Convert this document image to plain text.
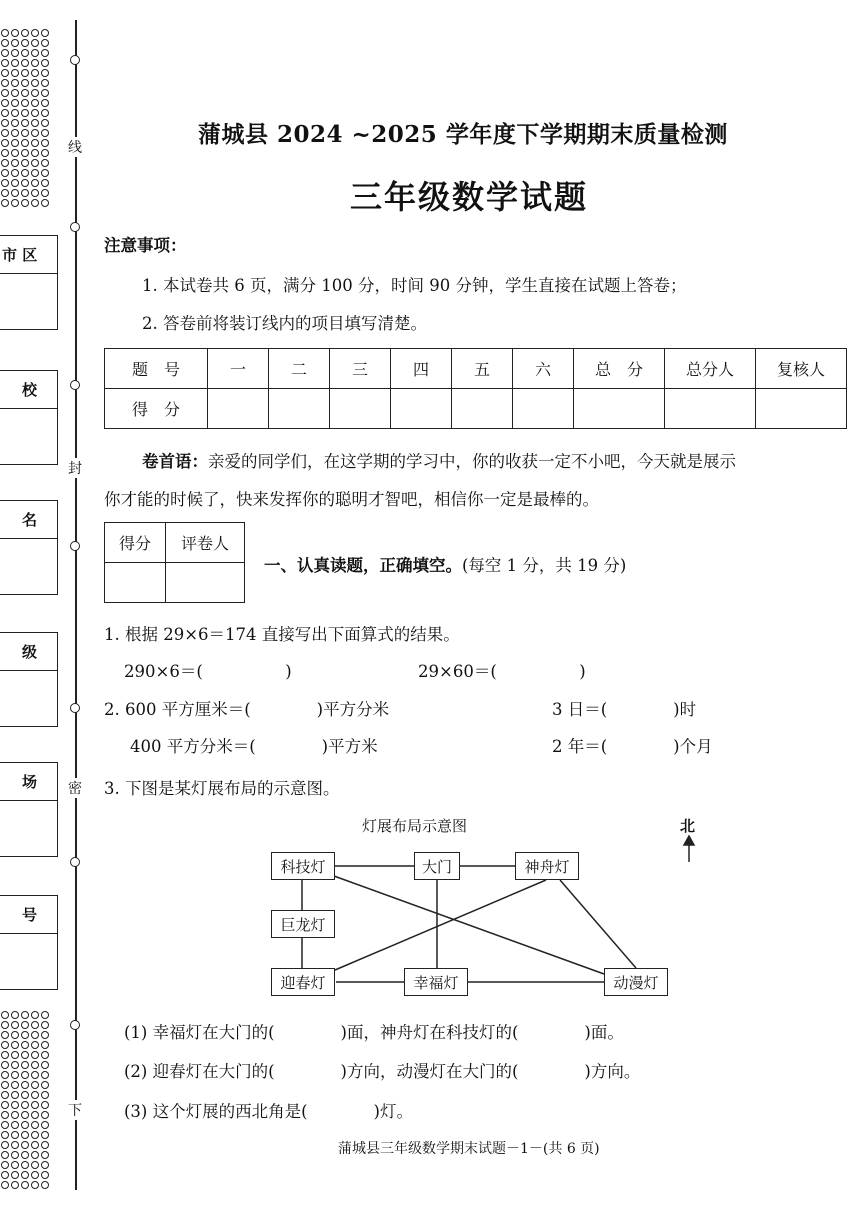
市 区
校
名
级
场
号
线
封
密
下
蒲城县 2024 ~2025 学年度下学期期末质量检测
三年级数学试题
注意事项：
1. 本试卷共 6 页，满分 100 分，时间 90 分钟，学生直接在试题上答卷；
2. 答卷前将装订线内的项目填写清楚。
题　号	一	二	三	四	五	六	总　分	总分人	复核人
得　分									
卷首语：亲爱的同学们，在这学期的学习中，你的收获一定不小吧，今天就是展示
你才能的时候了，快来发挥你的聪明才智吧，相信你一定是最棒的。
得分	评卷人

一、认真读题，正确填空。(每空 1 分，共 19 分)
1. 根据 29×6＝174 直接写出下面算式的结果。
290×6＝(　　　　　)	29×60＝(　　　　　)
2. 600 平方厘米＝(　　　　)平方分米	3 日＝(　　　　)时
400 平方分米＝(　　　　)平方米	2 年＝(　　　　)个月
3. 下图是某灯展布局的示意图。
灯展布局示意图	北
科技灯	大门	神舟灯
巨龙灯
迎春灯	幸福灯	动漫灯
(1) 幸福灯在大门的(　　　　)面，神舟灯在科技灯的(　　　　)面。
(2) 迎春灯在大门的(　　　　)方向，动漫灯在大门的(　　　　)方向。
(3) 这个灯展的西北角是(　　　　)灯。
蒲城县三年级数学期末试题－1－(共 6 页)
